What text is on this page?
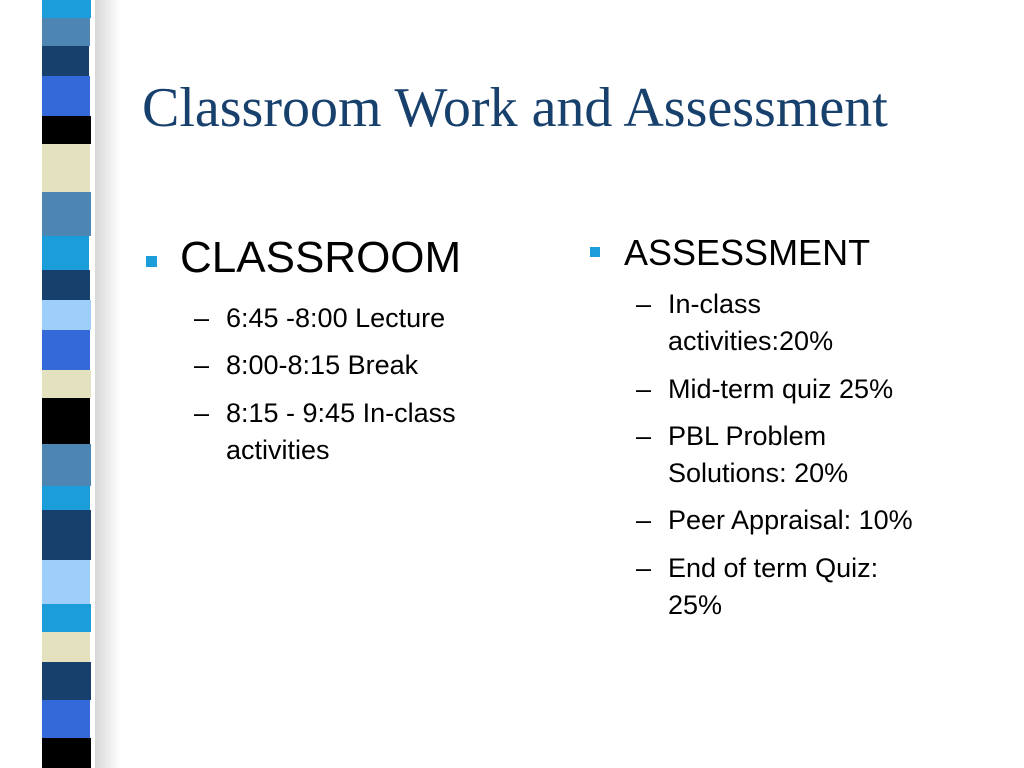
Classroom Work and Assessment
CLASSROOM
– 6:45 -8:00 Lecture
– 8:00-8:15 Break
– 8:15 - 9:45 In-class activities
ASSESSMENT
– In-class activities:20%
– Mid-term quiz 25%
– PBL Problem Solutions: 20%
– Peer Appraisal: 10%
– End of term Quiz: 25%
